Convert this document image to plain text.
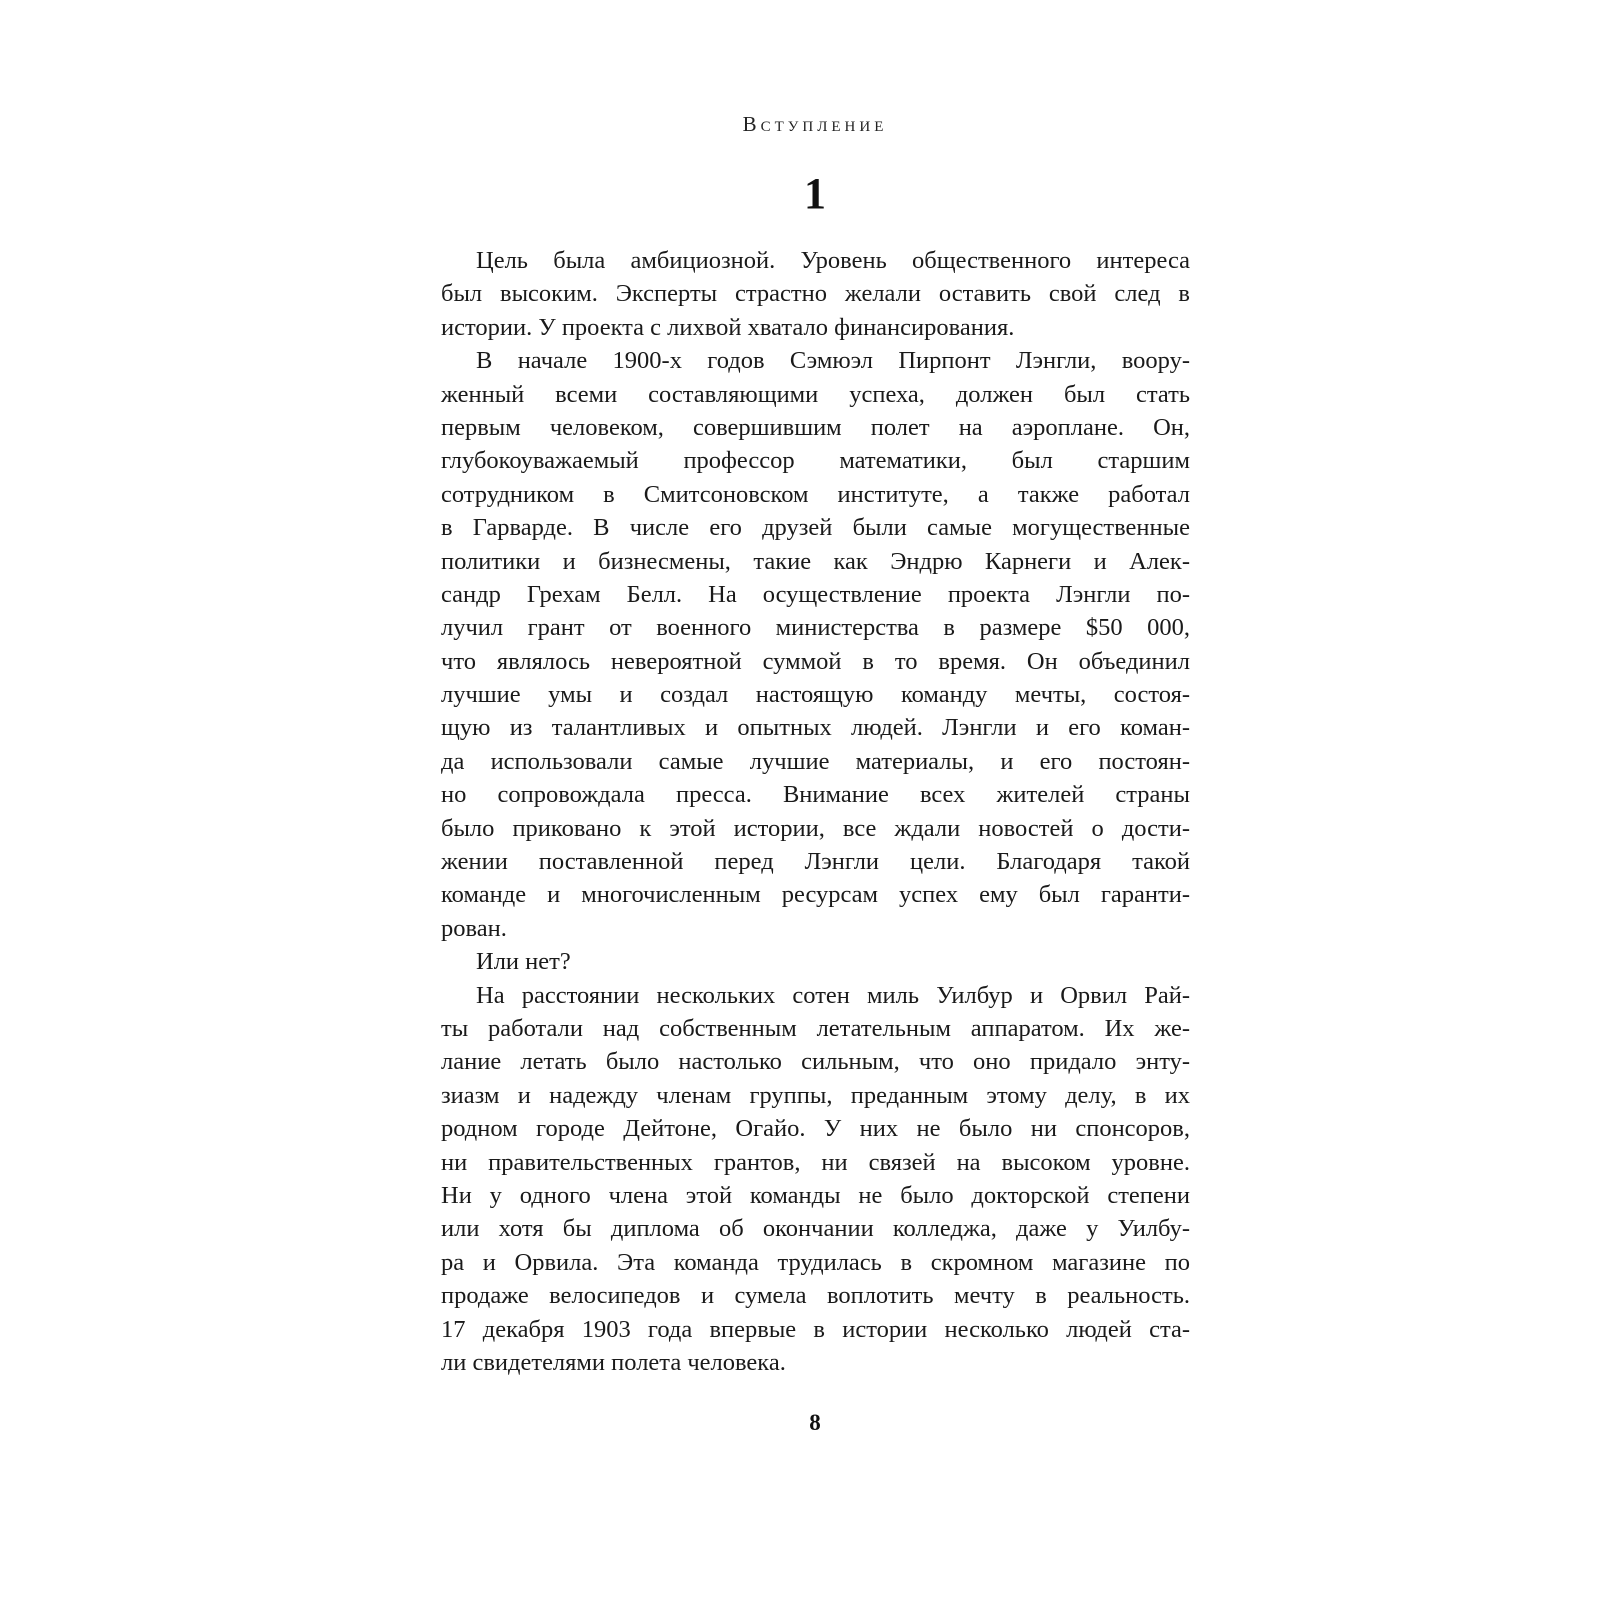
Вступление
1
Цель была амбициозной. Уровень общественного интереса
был высоким. Эксперты страстно желали оставить свой след в
истории. У проекта с лихвой хватало финансирования.
В начале 1900-х годов Сэмюэл Пирпонт Лэнгли, воору-
женный всеми составляющими успеха, должен был стать
первым человеком, совершившим полет на аэроплане. Он,
глубокоуважаемый профессор математики, был старшим
сотрудником в Смитсоновском институте, а также работал
в Гарварде. В числе его друзей были самые могущественные
политики и бизнесмены, такие как Эндрю Карнеги и Алек-
сандр Грехам Белл. На осуществление проекта Лэнгли по-
лучил грант от военного министерства в размере $50 000,
что являлось невероятной суммой в то время. Он объединил
лучшие умы и создал настоящую команду мечты, состоя-
щую из талантливых и опытных людей. Лэнгли и его коман-
да использовали самые лучшие материалы, и его постоян-
но сопровождала пресса. Внимание всех жителей страны
было приковано к этой истории, все ждали новостей о дости-
жении поставленной перед Лэнгли цели. Благодаря такой
команде и многочисленным ресурсам успех ему был гаранти-
рован.
Или нет?
На расстоянии нескольких сотен миль Уилбур и Орвил Рай-
ты работали над собственным летательным аппаратом. Их же-
лание летать было настолько сильным, что оно придало энту-
зиазм и надежду членам группы, преданным этому делу, в их
родном городе Дейтоне, Огайо. У них не было ни спонсоров,
ни правительственных грантов, ни связей на высоком уровне.
Ни у одного члена этой команды не было докторской степени
или хотя бы диплома об окончании колледжа, даже у Уилбу-
ра и Орвила. Эта команда трудилась в скромном магазине по
продаже велосипедов и сумела воплотить мечту в реальность.
17 декабря 1903 года впервые в истории несколько людей ста-
ли свидетелями полета человека.
8
